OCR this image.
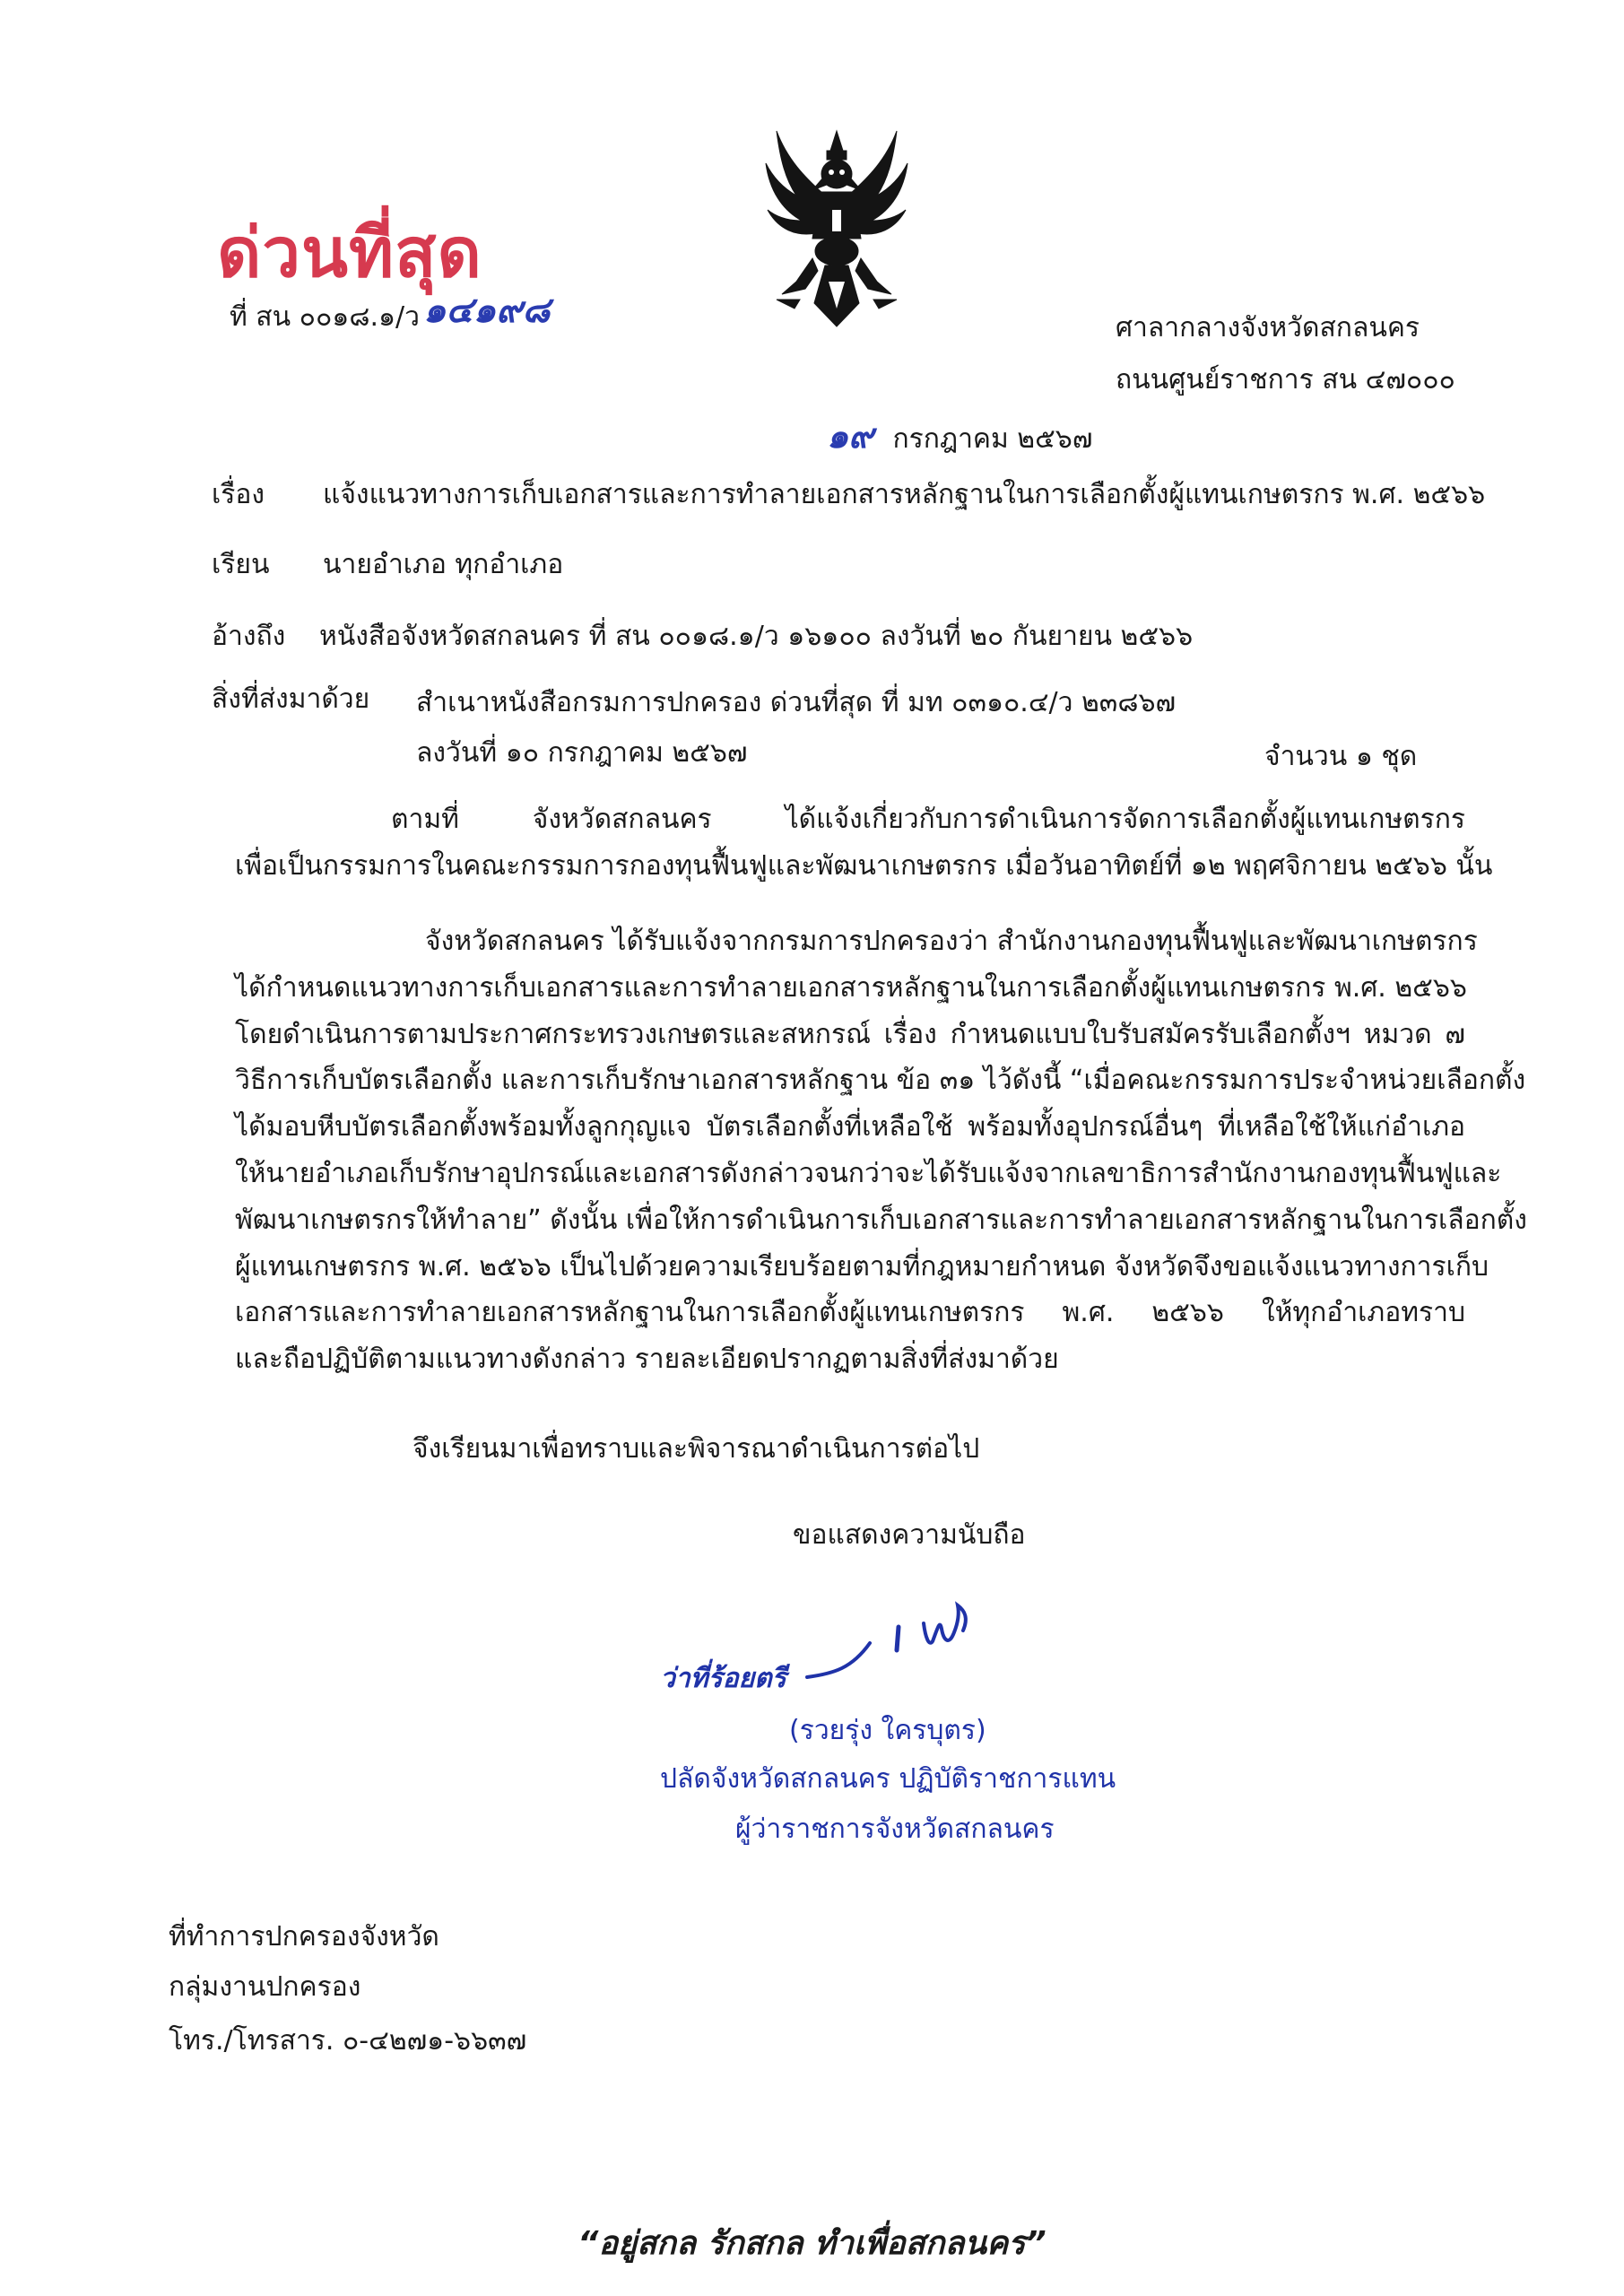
ด่วนที่สุด
ที่ สน ๐๐๑๘.๑/ว ๑๔๑๙๘	ศาลากลางจังหวัดสกลนคร
ถนนศูนย์ราชการ สน ๔๗๐๐๐
๑๙ กรกฎาคม ๒๕๖๗
เรื่อง แจ้งแนวทางการเก็บเอกสารและการทำลายเอกสารหลักฐานในการเลือกตั้งผู้แทนเกษตรกร พ.ศ. ๒๕๖๖
เรียน นายอำเภอ ทุกอำเภอ
อ้างถึง หนังสือจังหวัดสกลนคร ที่ สน ๐๐๑๘.๑/ว ๑๖๑๐๐ ลงวันที่ ๒๐ กันยายน ๒๕๖๖
สิ่งที่ส่งมาด้วย สำเนาหนังสือกรมการปกครอง ด่วนที่สุด ที่ มท ๐๓๑๐.๔/ว ๒๓๘๖๗
ลงวันที่ ๑๐ กรกฎาคม ๒๕๖๗	จำนวน ๑ ชุด
ตามที่ จังหวัดสกลนคร ได้แจ้งเกี่ยวกับการดำเนินการจัดการเลือกตั้งผู้แทนเกษตรกร
เพื่อเป็นกรรมการในคณะกรรมการกองทุนฟื้นฟูและพัฒนาเกษตรกร เมื่อวันอาทิตย์ที่ ๑๒ พฤศจิกายน ๒๕๖๖ นั้น
จังหวัดสกลนคร ได้รับแจ้งจากกรมการปกครองว่า สำนักงานกองทุนฟื้นฟูและพัฒนาเกษตรกร
ได้กำหนดแนวทางการเก็บเอกสารและการทำลายเอกสารหลักฐานในการเลือกตั้งผู้แทนเกษตรกร พ.ศ. ๒๕๖๖
โดยดำเนินการตามประกาศกระทรวงเกษตรและสหกรณ์ เรื่อง กำหนดแบบใบรับสมัครรับเลือกตั้งฯ หมวด ๗
วิธีการเก็บบัตรเลือกตั้ง และการเก็บรักษาเอกสารหลักฐาน ข้อ ๓๑ ไว้ดังนี้ “เมื่อคณะกรรมการประจำหน่วยเลือกตั้ง
ได้มอบหีบบัตรเลือกตั้งพร้อมทั้งลูกกุญแจ บัตรเลือกตั้งที่เหลือใช้ พร้อมทั้งอุปกรณ์อื่นๆ ที่เหลือใช้ให้แก่อำเภอ
ให้นายอำเภอเก็บรักษาอุปกรณ์และเอกสารดังกล่าวจนกว่าจะได้รับแจ้งจากเลขาธิการสำนักงานกองทุนฟื้นฟูและ
พัฒนาเกษตรกรให้ทำลาย” ดังนั้น เพื่อให้การดำเนินการเก็บเอกสารและการทำลายเอกสารหลักฐานในการเลือกตั้ง
ผู้แทนเกษตรกร พ.ศ. ๒๕๖๖ เป็นไปด้วยความเรียบร้อยตามที่กฎหมายกำหนด จังหวัดจึงขอแจ้งแนวทางการเก็บ
เอกสารและการทำลายเอกสารหลักฐานในการเลือกตั้งผู้แทนเกษตรกร พ.ศ. ๒๕๖๖ ให้ทุกอำเภอทราบ
และถือปฏิบัติตามแนวทางดังกล่าว รายละเอียดปรากฏตามสิ่งที่ส่งมาด้วย
จึงเรียนมาเพื่อทราบและพิจารณาดำเนินการต่อไป
ขอแสดงความนับถือ
ว่าที่ร้อยตรี
(รวยรุ่ง ใครบุตร)
ปลัดจังหวัดสกลนคร ปฏิบัติราชการแทน
ผู้ว่าราชการจังหวัดสกลนคร
ที่ทำการปกครองจังหวัด
กลุ่มงานปกครอง
โทร./โทรสาร. ๐-๔๒๗๑-๖๖๓๗
“อยู่สกล รักสกล ทำเพื่อสกลนคร”
